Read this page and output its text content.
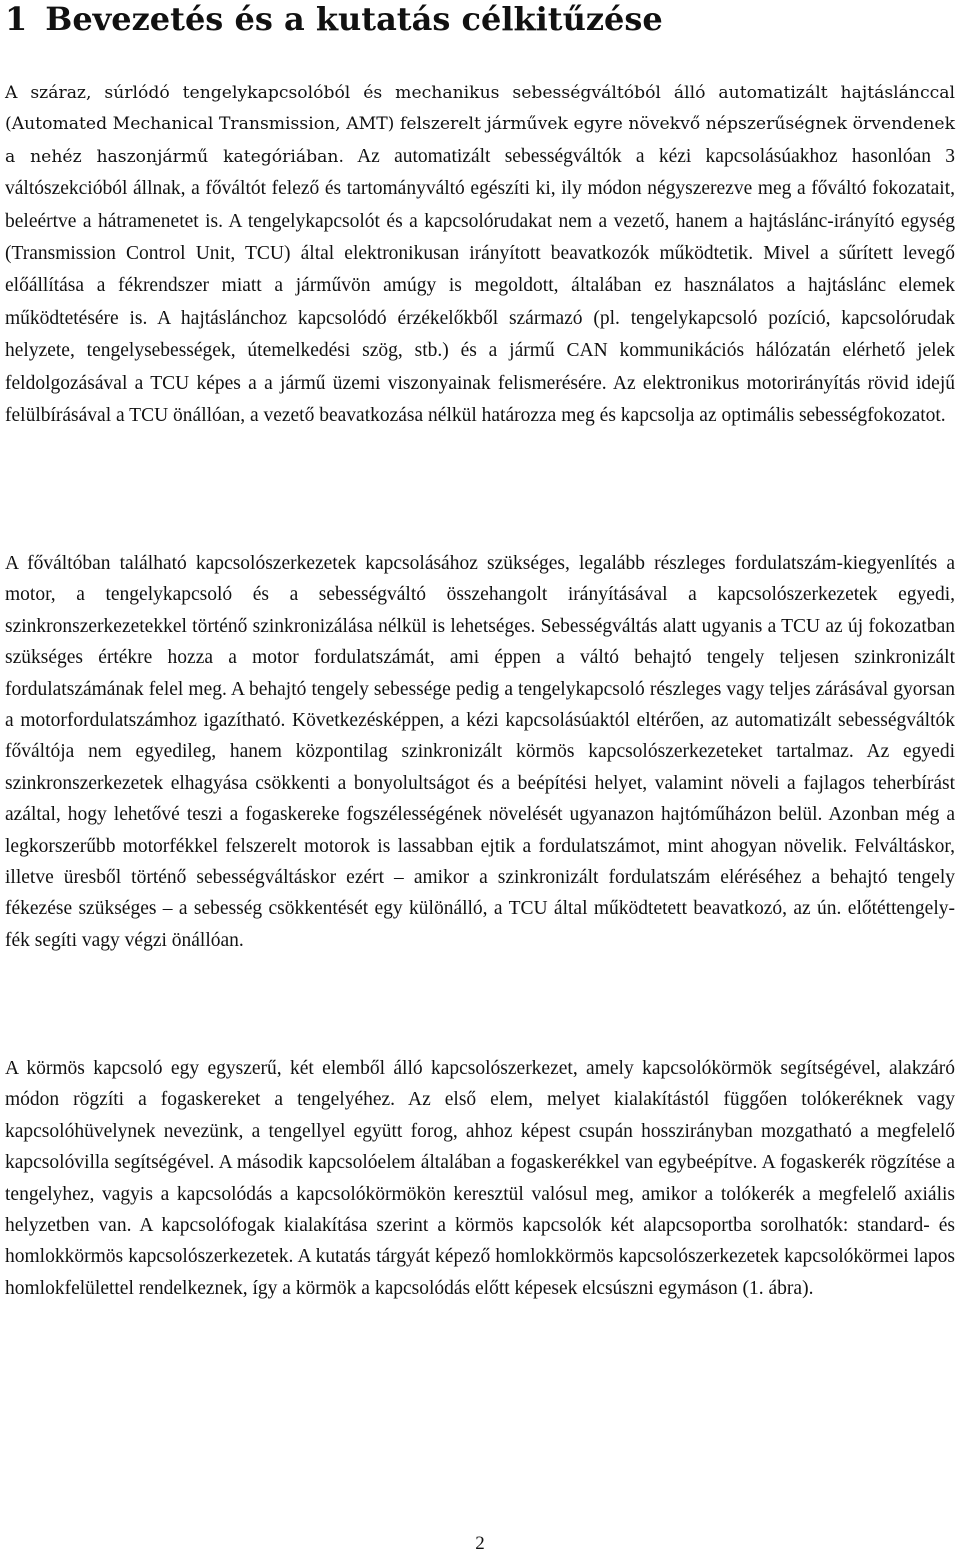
1 Bevezetés és a kutatás célkitűzése

A száraz, súrlódó tengelykapcsolóból és mechanikus sebességváltóból álló automatizált hajtáslánccal (Automated Mechanical Transmission, AMT) felszerelt járművek egyre növekvő népszerűségnek örvendenek a nehéz haszonjármű kategóriában. Az automatizált sebességváltók a kézi kapcsolásúakhoz hasonlóan 3 váltószekcióból állnak, a főváltót felező és tartományváltó egészíti ki, ily módon négyszerezve meg a főváltó fokozatait, beleértve a hátramenetet is. A tengelykapcsolót és a kapcsolórudakat nem a vezető, hanem a hajtáslánc-irányító egység (Transmission Control Unit, TCU) által elektronikusan irányított beavatkozók működtetik. Mivel a sűrített levegő előállítása a fékrendszer miatt a járművön amúgy is megoldott, általában ez használatos a hajtáslánc elemek működtetésére is. A hajtáslánchoz kapcsolódó érzékelőkből származó (pl. tengelykapcsoló pozíció, kapcsolórudak helyzete, tengelysebességek, útemelkedési szög, stb.) és a jármű CAN kommunikációs hálózatán elérhető jelek feldolgozásával a TCU képes a a jármű üzemi viszonyainak felismerésére. Az elektronikus motorirányítás rövid idejű felülbírásával a TCU önállóan, a vezető beavatkozása nélkül határozza meg és kapcsolja az optimális sebességfokozatot.

A főváltóban található kapcsolószerkezetek kapcsolásához szükséges, legalább részleges fordulatszám-kiegyenlítés a motor, a tengelykapcsoló és a sebességváltó összehangolt irányításával a kapcsolószerkezetek egyedi, szinkronszerkezetekkel történő szinkronizálása nélkül is lehetséges. Sebességváltás alatt ugyanis a TCU az új fokozatban szükséges értékre hozza a motor fordulatszámát, ami éppen a váltó behajtó tengely teljesen szinkronizált fordulatszámának felel meg. A behajtó tengely sebessége pedig a tengelykapcsoló részleges vagy teljes zárásával gyorsan a motorfordulatszámhoz igazítható. Következésképpen, a kézi kapcsolásúaktól eltérően, az automatizált sebességváltók főváltója nem egyedileg, hanem központilag szinkronizált körmös kapcsolószerkezeteket tartalmaz. Az egyedi szinkronszerkezetek elhagyása csökkenti a bonyolultságot és a beépítési helyet, valamint növeli a fajlagos teherbírást azáltal, hogy lehetővé teszi a fogaskereke fogszélességének növelését ugyanazon hajtóműházon belül. Azonban még a legkorszerűbb motorfékkel felszerelt motorok is lassabban ejtik a fordulatszámot, mint ahogyan növelik. Felváltáskor, illetve üresből történő sebességváltáskor ezért – amikor a szinkronizált fordulatszám eléréséhez a behajtó tengely fékezése szükséges – a sebesség csökkentését egy különálló, a TCU által működtetett beavatkozó, az ún. előtéttengely-fék segíti vagy végzi önállóan.

A körmös kapcsoló egy egyszerű, két elemből álló kapcsolószerkezet, amely kapcsolókörmök segítségével, alakzáró módon rögzíti a fogaskereket a tengelyéhez. Az első elem, melyet kialakítástól függően tolókeréknek vagy kapcsolóhüvelynek nevezünk, a tengellyel együtt forog, ahhoz képest csupán hosszirányban mozgatható a megfelelő kapcsolóvilla segítségével. A második kapcsolóelem általában a fogaskerékkel van egybeépítve. A fogaskerék rögzítése a tengelyhez, vagyis a kapcsolódás a kapcsolókörmökön keresztül valósul meg, amikor a tolókerék a megfelelő axiális helyzetben van. A kapcsolófogak kialakítása szerint a körmös kapcsolók két alapcsoportba sorolhatók: standard- és homlokkörmös kapcsolószerkezetek. A kutatás tárgyát képező homlokkörmös kapcsolószerkezetek kapcsolókörmei lapos homlokfelülettel rendelkeznek, így a körmök a kapcsolódás előtt képesek elcsúszni egymáson (1. ábra).

2
